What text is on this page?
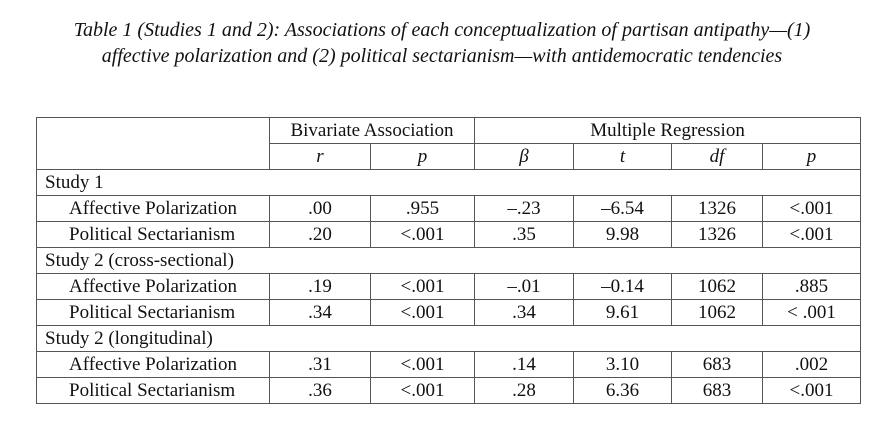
Table 1 (Studies 1 and 2): Associations of each conceptualization of partisan antipathy—(1)
affective polarization and (2) political sectarianism—with antidemocratic tendencies
	Bivariate Association		Multiple Regression			
	r	p	β	t	df	p
Study 1						
Affective Polarization	.00	.955	–.23	–6.54	1326	<.001
Political Sectarianism	.20	<.001	.35	9.98	1326	<.001
Study 2 (cross-sectional)						
Affective Polarization	.19	<.001	–.01	–0.14	1062	.885
Political Sectarianism	.34	<.001	.34	9.61	1062	< .001
Study 2 (longitudinal)						
Affective Polarization	.31	<.001	.14	3.10	683	.002
Political Sectarianism	.36	<.001	.28	6.36	683	<.001
